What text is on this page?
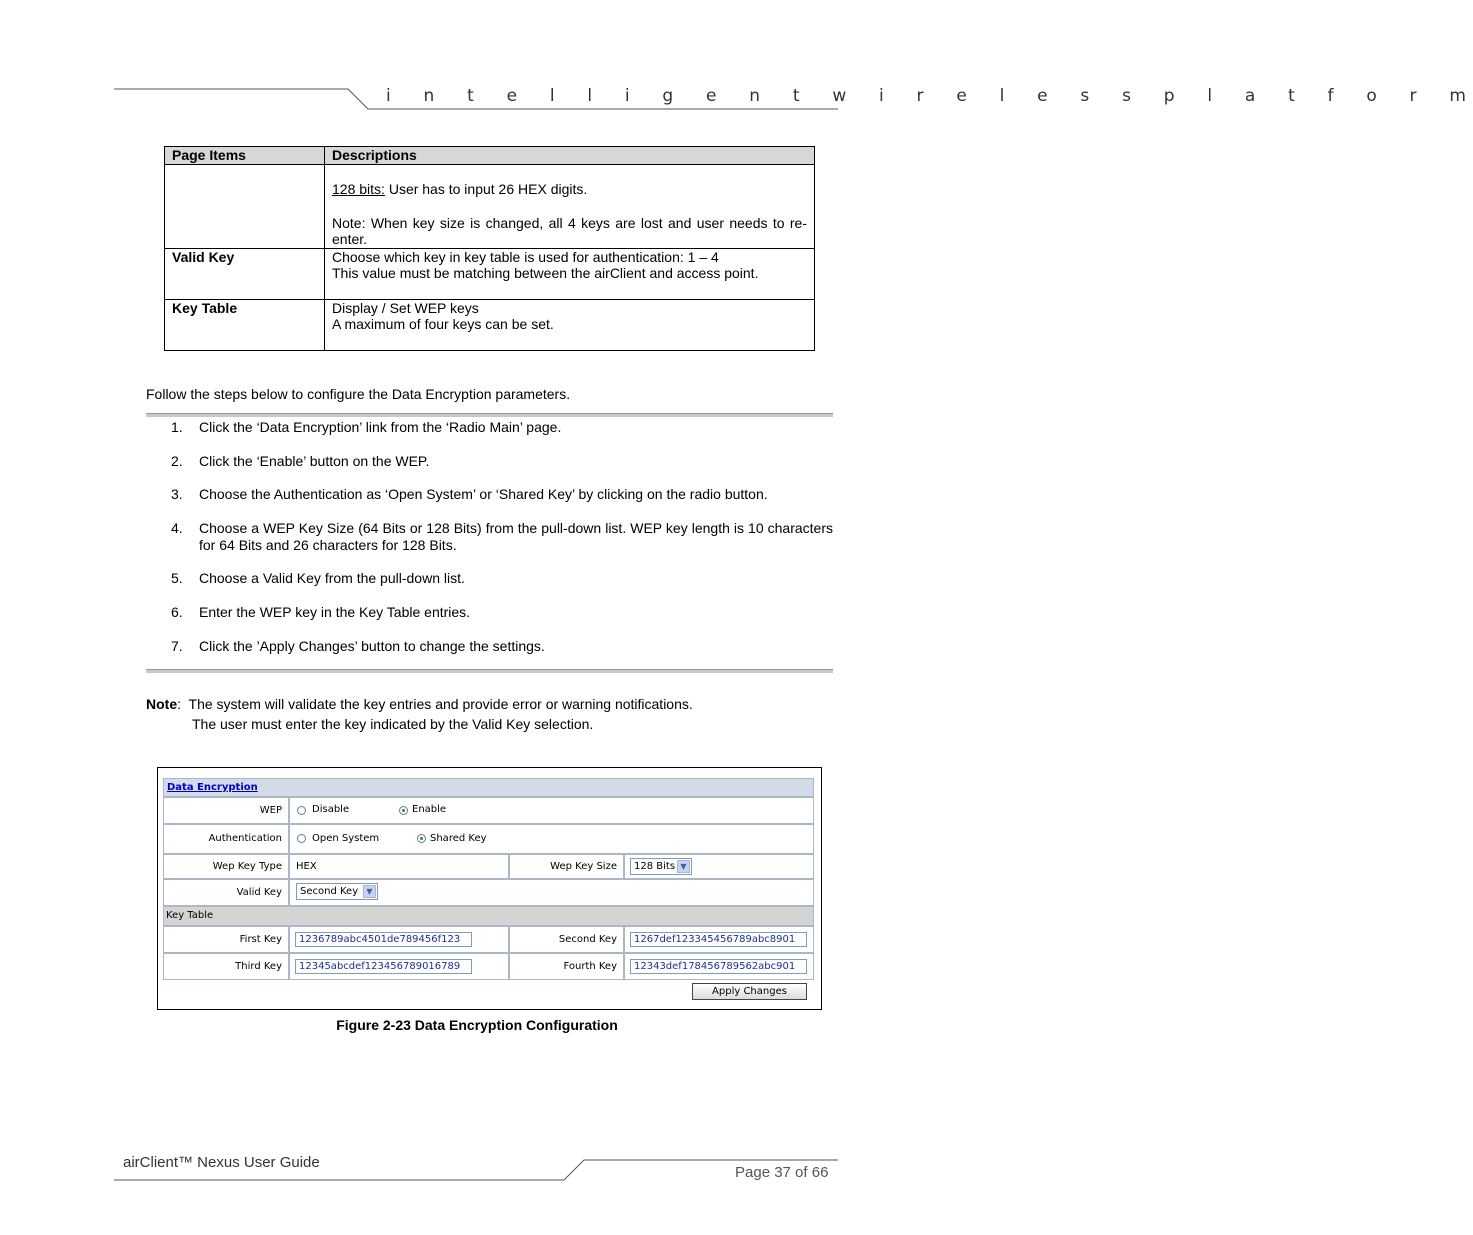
i n t e l l i g e n t w i r e l e s s p l a t f o r m
Page Items	Descriptions

	128 bits: User has to input 26 HEX digits.
Note: When key size is changed, all 4 keys are lost and user needs to re-enter.

Valid Key	Choose which key in key table is used for authentication: 1 – 4
This value must be matching between the airClient and access point.

Key Table	Display / Set WEP keys
A maximum of four keys can be set.
Follow the steps below to configure the Data Encryption parameters.
1. Click the ‘Data Encryption’ link from the ‘Radio Main’ page.
2. Click the ‘Enable’ button on the WEP.
3. Choose the Authentication as ‘Open System’ or ‘Shared Key’ by clicking on the radio button.
4. Choose a WEP Key Size (64 Bits or 128 Bits) from the pull-down list. WEP key length is 10 characters for 64 Bits and 26 characters for 128 Bits.
5. Choose a Valid Key from the pull-down list.
6. Enter the WEP key in the Key Table entries.
7. Click the ’Apply Changes’ button to change the settings.
Note:  The system will validate the key entries and provide error or warning notifications.
The user must enter the key indicated by the Valid Key selection.
Data Encryption
WEP	Disable	Enable
Authentication	Open System	Shared Key
Wep Key Type HEX	Wep Key Size	128 Bits ▼
Valid Key	Second Key	▼
Key Table
First Key	1236789abc4501de789456f123	Second Key	1267def123345456789abc8901
Third Key	12345abcdef123456789016789	Fourth Key	12343def178456789562abc901
Apply Changes
Figure 2-23 Data Encryption Configuration
airClient™ Nexus User Guide
Page 37 of 66
